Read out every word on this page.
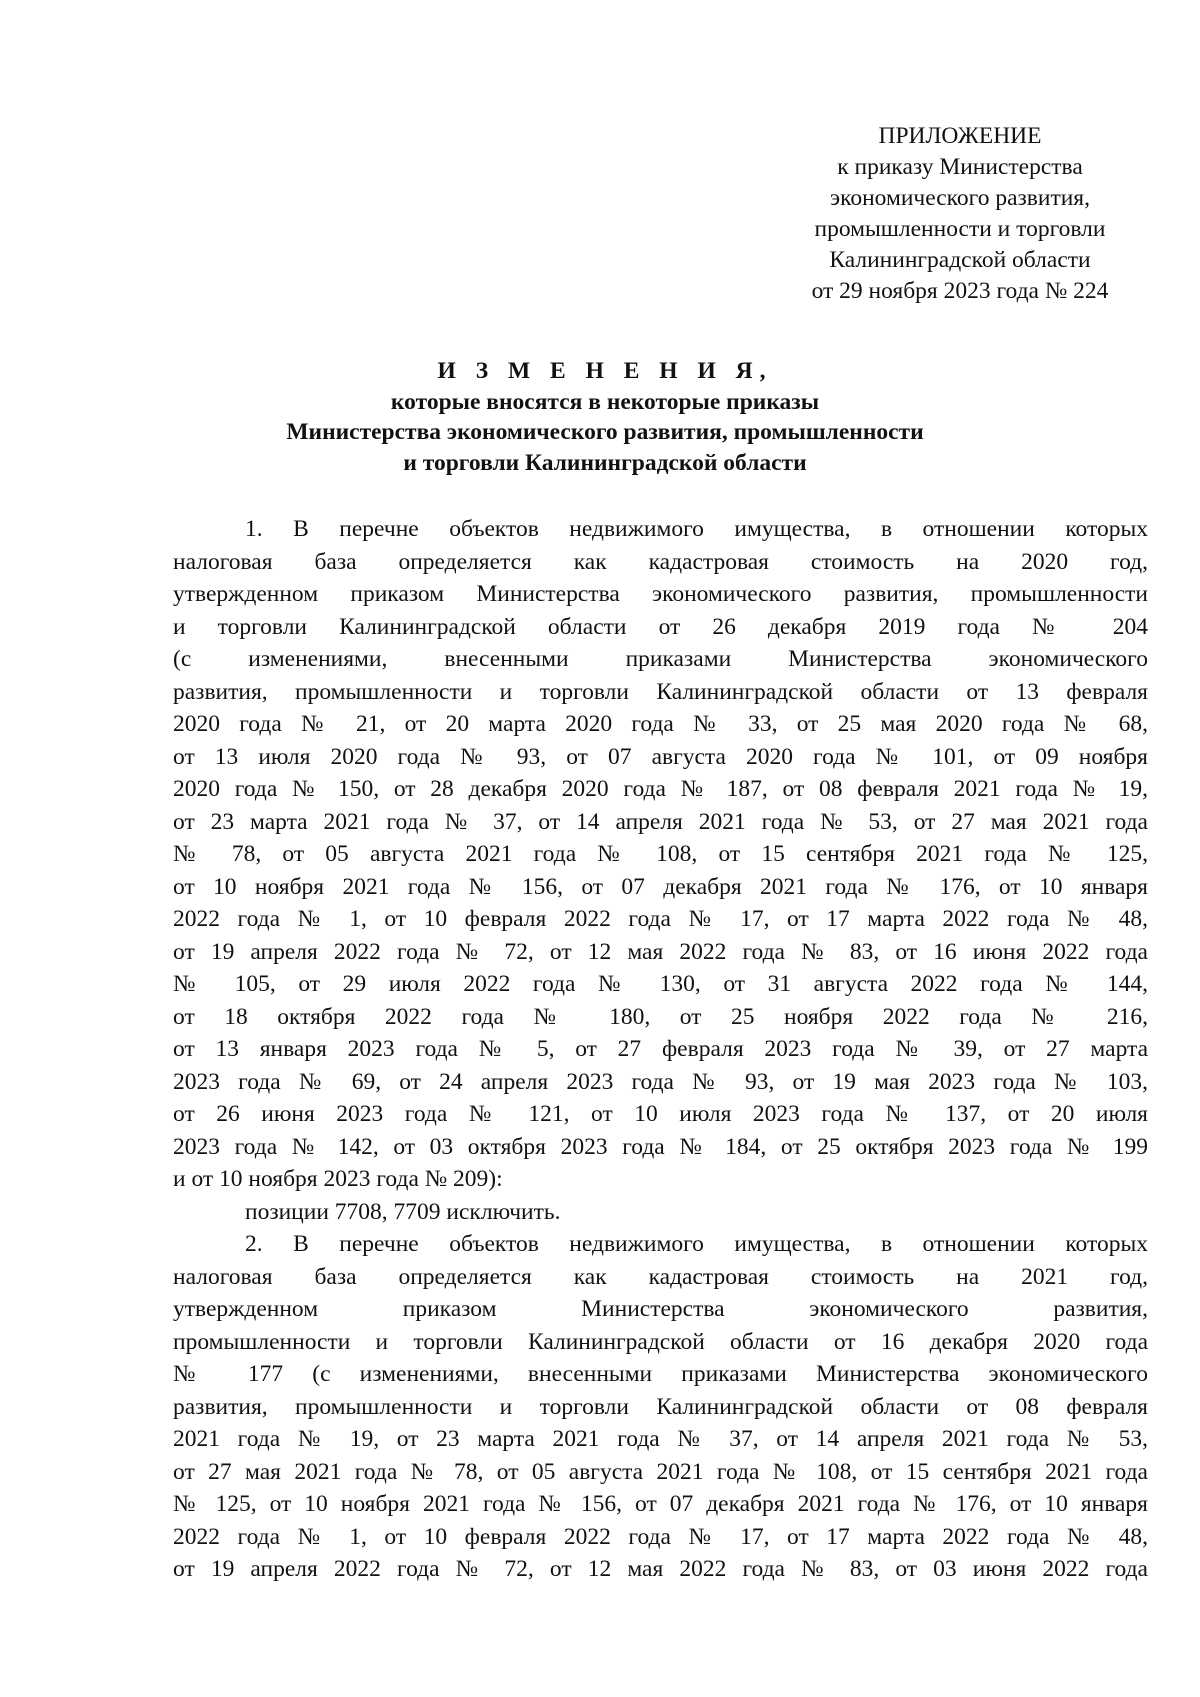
ПРИЛОЖЕНИЕ
к приказу Министерства
экономического развития,
промышленности и торговли
Калининградской области
от 29 ноября 2023 года № 224
И З М Е Н Е Н И Я,
которые вносятся в некоторые приказы
Министерства экономического развития, промышленности
и торговли Калининградской области
1. В перечне объектов недвижимого имущества, в отношении которых
налоговая база определяется как кадастровая стоимость на 2020 год,
утвержденном приказом Министерства экономического развития, промышленности
и торговли Калининградской области от 26 декабря 2019 года № 204
(с изменениями, внесенными приказами Министерства экономического
развития, промышленности и торговли Калининградской области от 13 февраля
2020 года № 21, от 20 марта 2020 года № 33, от 25 мая 2020 года № 68,
от 13 июля 2020 года № 93, от 07 августа 2020 года № 101, от 09 ноября
2020 года № 150, от 28 декабря 2020 года № 187, от 08 февраля 2021 года № 19,
от 23 марта 2021 года № 37, от 14 апреля 2021 года № 53, от 27 мая 2021 года
№ 78, от 05 августа 2021 года № 108, от 15 сентября 2021 года № 125,
от 10 ноября 2021 года № 156, от 07 декабря 2021 года № 176, от 10 января
2022 года № 1, от 10 февраля 2022 года № 17, от 17 марта 2022 года № 48,
от 19 апреля 2022 года № 72, от 12 мая 2022 года № 83, от 16 июня 2022 года
№ 105, от 29 июля 2022 года № 130, от 31 августа 2022 года № 144,
от 18 октября 2022 года № 180, от 25 ноября 2022 года № 216,
от 13 января 2023 года № 5, от 27 февраля 2023 года № 39, от 27 марта
2023 года № 69, от 24 апреля 2023 года № 93, от 19 мая 2023 года № 103,
от 26 июня 2023 года № 121, от 10 июля 2023 года № 137, от 20 июля
2023 года № 142, от 03 октября 2023 года № 184, от 25 октября 2023 года № 199
и от 10 ноября 2023 года № 209):
позиции 7708, 7709 исключить.
2. В перечне объектов недвижимого имущества, в отношении которых
налоговая база определяется как кадастровая стоимость на 2021 год,
утвержденном приказом Министерства экономического развития,
промышленности и торговли Калининградской области от 16 декабря 2020 года
№ 177 (с изменениями, внесенными приказами Министерства экономического
развития, промышленности и торговли Калининградской области от 08 февраля
2021 года № 19, от 23 марта 2021 года № 37, от 14 апреля 2021 года № 53,
от 27 мая 2021 года № 78, от 05 августа 2021 года № 108, от 15 сентября 2021 года
№ 125, от 10 ноября 2021 года № 156, от 07 декабря 2021 года № 176, от 10 января
2022 года № 1, от 10 февраля 2022 года № 17, от 17 марта 2022 года № 48,
от 19 апреля 2022 года № 72, от 12 мая 2022 года № 83, от 03 июня 2022 года
